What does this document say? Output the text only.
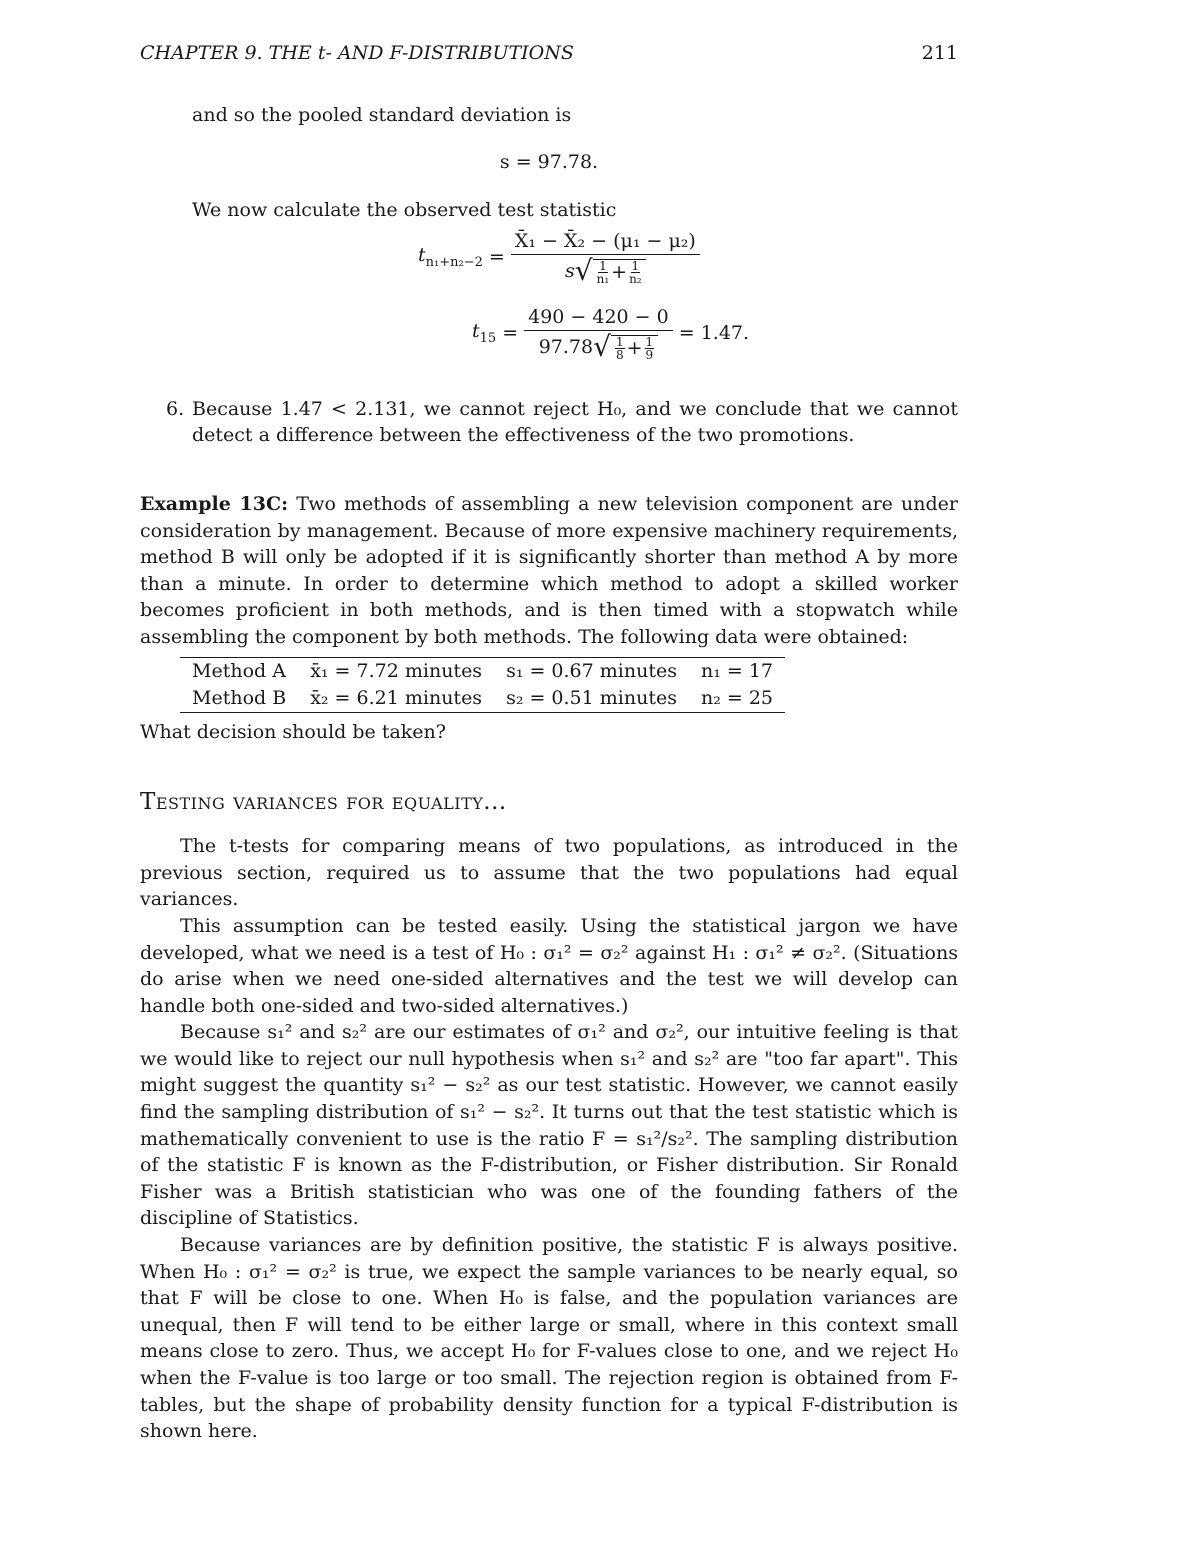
CHAPTER 9. THE t- AND F-DISTRIBUTIONS	211

and so the pooled standard deviation is

s = 97.78.

We now calculate the observed test statistic

$t_{n_1+n_2-2}$ =
X̄₁ − X̄₂ − (μ₁ − μ₂)
s √ $\frac{1}{\text{n₁}} + \frac{1}{\text{n₂}}$
$t_{15}$ =
490 − 420 − 0
97.78 √ $\frac{1}{8} + \frac{1}{9}$
= 1.47.
6. Because 1.47 < 2.131, we cannot reject H₀, and we conclude that we cannot detect a difference between the effectiveness of the two promotions.

Example 13C: Two methods of assembling a new television component are under consideration by management. Because of more expensive machinery requirements, method B will only be adopted if it is significantly shorter than method A by more than a minute. In order to determine which method to adopt a skilled worker becomes proficient in both methods, and is then timed with a stopwatch while assembling the component by both methods. The following data were obtained:

Method A	x̄₁ = 7.72 minutes	s₁ = 0.67 minutes	n₁ = 17
Method B	x̄₂ = 6.21 minutes	s₂ = 0.51 minutes	n₂ = 25

What decision should be taken?

Testing variances for equality...

The t-tests for comparing means of two populations, as introduced in the previous section, required us to assume that the two populations had equal variances.

This assumption can be tested easily. Using the statistical jargon we have developed, what we need is a test of H₀ : σ₁² = σ₂² against H₁ : σ₁² ≠ σ₂². (Situations do arise when we need one-sided alternatives and the test we will develop can handle both one-sided and two-sided alternatives.)

Because s₁² and s₂² are our estimates of σ₁² and σ₂², our intuitive feeling is that we would like to reject our null hypothesis when s₁² and s₂² are "too far apart". This might suggest the quantity s₁² − s₂² as our test statistic. However, we cannot easily find the sampling distribution of s₁² − s₂². It turns out that the test statistic which is mathematically convenient to use is the ratio F = s₁²/s₂². The sampling distribution of the statistic F is known as the F-distribution, or Fisher distribution. Sir Ronald Fisher was a British statistician who was one of the founding fathers of the discipline of Statistics.

Because variances are by definition positive, the statistic F is always positive. When H₀ : σ₁² = σ₂² is true, we expect the sample variances to be nearly equal, so that F will be close to one. When H₀ is false, and the population variances are unequal, then F will tend to be either large or small, where in this context small means close to zero. Thus, we accept H₀ for F-values close to one, and we reject H₀ when the F-value is too large or too small. The rejection region is obtained from F-tables, but the shape of probability density function for a typical F-distribution is shown here.
